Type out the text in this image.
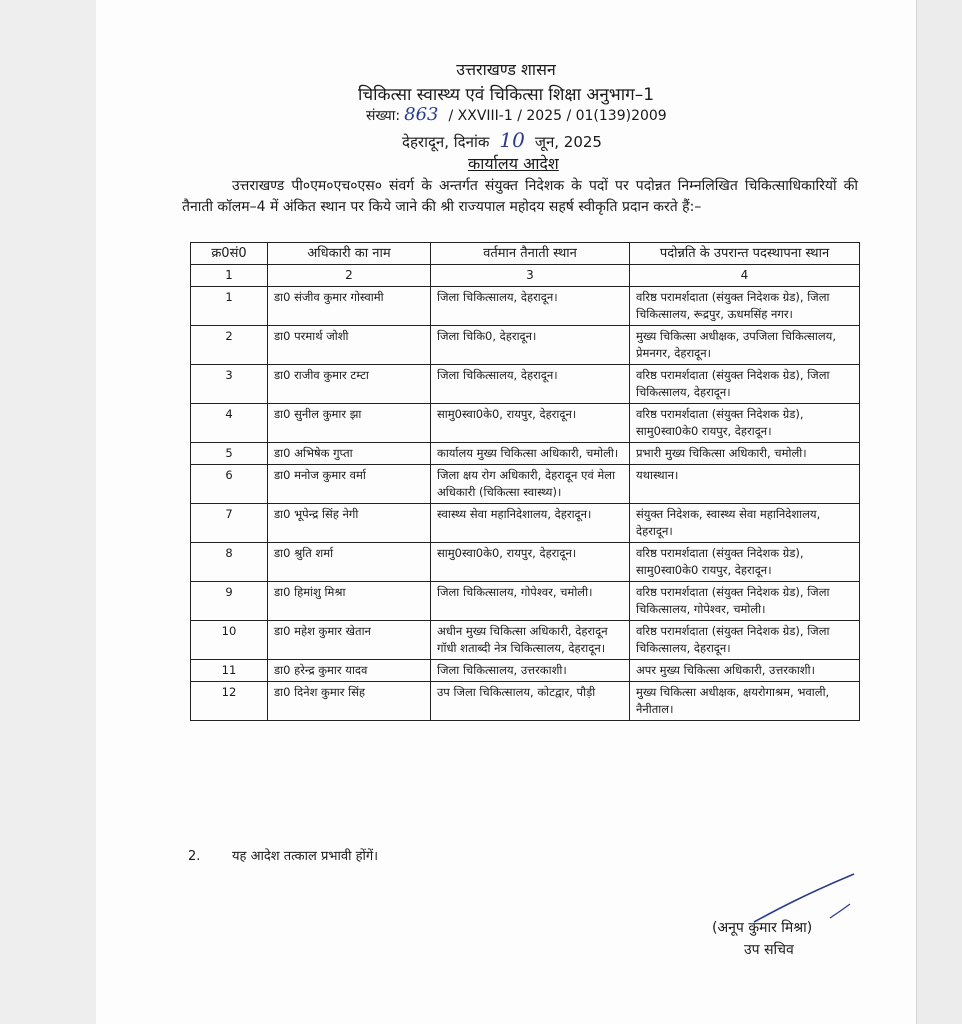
उत्तराखण्ड शासन
चिकित्सा स्वास्थ्य एवं चिकित्सा शिक्षा अनुभाग–1
संख्या: 863 / XXVIII-1 / 2025 / 01(139)2009
देहरादून, दिनांक 10 जून, 2025
कार्यालय आदेश

उत्तराखण्ड पी०एम०एच०एस० संवर्ग के अन्तर्गत संयुक्त निदेशक के पदों पर पदोन्नत निम्नलिखित चिकित्साधिकारियों की तैनाती कॉलम–4 में अंकित स्थान पर किये जाने की श्री राज्यपाल महोदय सहर्ष स्वीकृति प्रदान करते हैं:–

क्र0सं0	अधिकारी का नाम	वर्तमान तैनाती स्थान	पदोन्नति के उपरान्त पदस्थापना स्थान
1	2	3	4
1	डा0 संजीव कुमार गोस्वामी	जिला चिकित्सालय, देहरादून।	वरिष्ठ परामर्शदाता (संयुक्त निदेशक ग्रेड), जिला चिकित्सालय, रूद्रपुर, ऊधमसिंह नगर।
2	डा0 परमार्थ जोशी	जिला चिकि0, देहरादून।	मुख्य चिकित्सा अधीक्षक, उपजिला चिकित्सालय, प्रेमनगर, देहरादून।
3	डा0 राजीव कुमार टम्टा	जिला चिकित्सालय, देहरादून।	वरिष्ठ परामर्शदाता (संयुक्त निदेशक ग्रेड), जिला चिकित्सालय, देहरादून।
4	डा0 सुनील कुमार झा	सामु0स्वा0के0, रायपुर, देहरादून।	वरिष्ठ परामर्शदाता (संयुक्त निदेशक ग्रेड), सामु0स्वा0के0 रायपुर, देहरादून।
5	डा0 अभिषेक गुप्ता	कार्यालय मुख्य चिकित्सा अधिकारी, चमोली।	प्रभारी मुख्य चिकित्सा अधिकारी, चमोली।
6	डा0 मनोज कुमार वर्मा	जिला क्षय रोग अधिकारी, देहरादून एवं मेला अधिकारी (चिकित्सा स्वास्थ्य)।	यथास्थान।
7	डा0 भूपेन्द्र सिंह नेगी	स्वास्थ्य सेवा महानिदेशालय, देहरादून।	संयुक्त निदेशक, स्वास्थ्य सेवा महानिदेशालय, देहरादून।
8	डा0 श्रुति शर्मा	सामु0स्वा0के0, रायपुर, देहरादून।	वरिष्ठ परामर्शदाता (संयुक्त निदेशक ग्रेड), सामु0स्वा0के0 रायपुर, देहरादून।
9	डा0 हिमांशु मिश्रा	जिला चिकित्सालय, गोपेश्वर, चमोली।	वरिष्ठ परामर्शदाता (संयुक्त निदेशक ग्रेड), जिला चिकित्सालय, गोपेश्वर, चमोली।
10	डा0 महेश कुमार खेतान	अधीन मुख्य चिकित्सा अधिकारी, देहरादून गॉधी शताब्दी नेत्र चिकित्सालय, देहरादून।	वरिष्ठ परामर्शदाता (संयुक्त निदेशक ग्रेड), जिला चिकित्सालय, देहरादून।
11	डा0 हरेन्द्र कुमार यादव	जिला चिकित्सालय, उत्तरकाशी।	अपर मुख्य चिकित्सा अधिकारी, उत्तरकाशी।
12	डा0 दिनेश कुमार सिंह	उप जिला चिकित्सालय, कोटद्वार, पौड़ी	मुख्य चिकित्सा अधीक्षक, क्षयरोगाश्रम, भवाली, नैनीताल।
2. यह आदेश तत्काल प्रभावी होंगें।
(अनूप कुमार मिश्रा)
उप सचिव
